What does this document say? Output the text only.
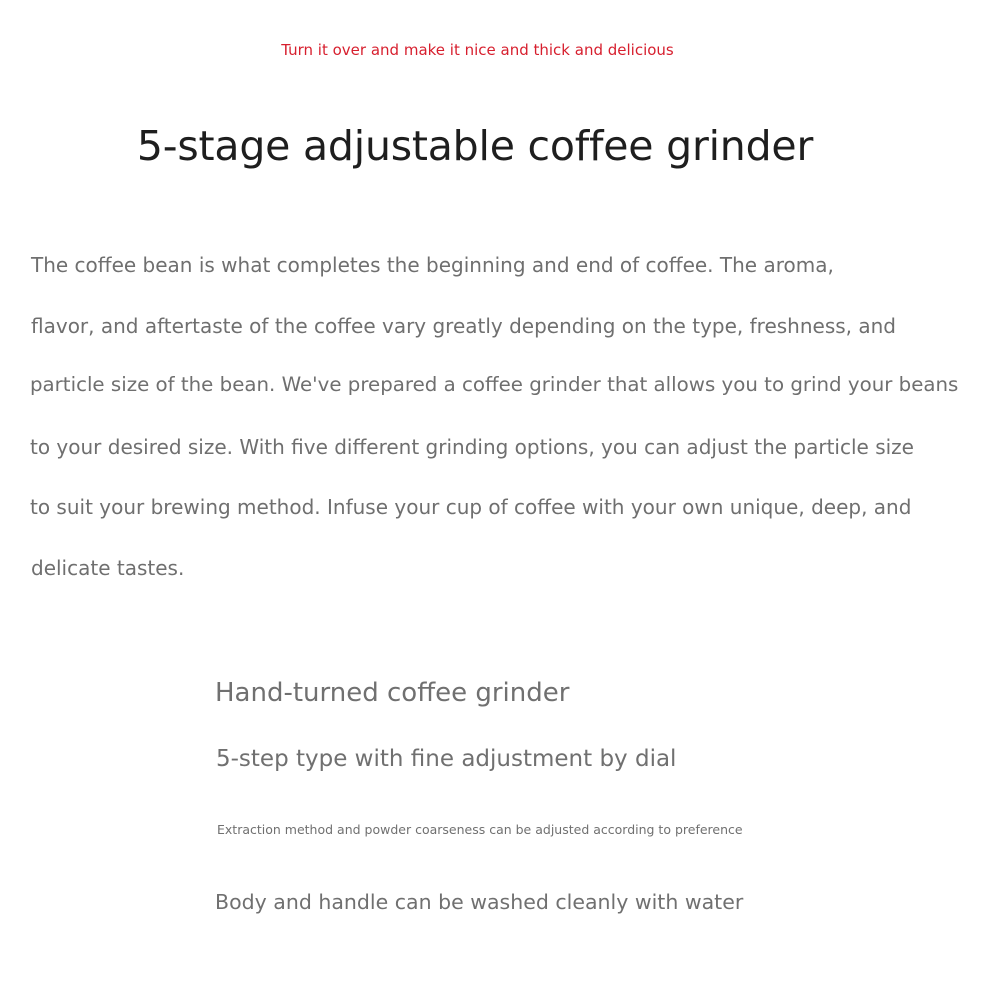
Turn it over and make it nice and thick and delicious
5-stage adjustable coffee grinder

The coffee bean is what completes the beginning and end of coffee. The aroma,

flavor, and aftertaste of the coffee vary greatly depending on the type, freshness, and

particle size of the bean. We've prepared a coffee grinder that allows you to grind your beans

to your desired size. With five different grinding options, you can adjust the particle size

to suit your brewing method. Infuse your cup of coffee with your own unique, deep, and

delicate tastes.

Hand-turned coffee grinder

5-step type with fine adjustment by dial

Extraction method and powder coarseness can be adjusted according to preference

Body and handle can be washed cleanly with water
